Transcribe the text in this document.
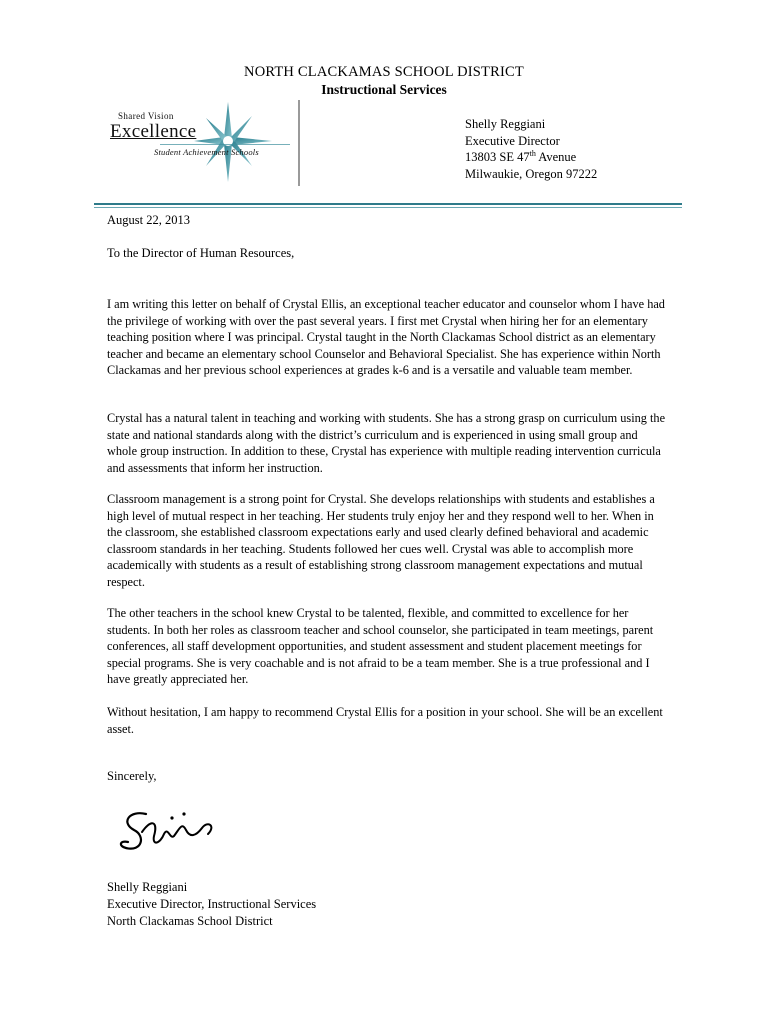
NORTH CLACKAMAS SCHOOL DISTRICT
Instructional Services
Shared Vision
Excellence
Student Achievement Schools
Shelly Reggiani
Executive Director
13803 SE 47th Avenue
Milwaukie, Oregon 97222
August 22, 2013
To the Director of Human Resources,
I am writing this letter on behalf of Crystal Ellis, an exceptional teacher educator and counselor whom I have had the privilege of working with over the past several years. I first met Crystal when hiring her for an elementary teaching position where I was principal. Crystal taught in the North Clackamas School district as an elementary teacher and became an elementary school Counselor and Behavioral Specialist. She has experience within North Clackamas and her previous school experiences at grades k-6 and is a versatile and valuable team member.
Crystal has a natural talent in teaching and working with students. She has a strong grasp on curriculum using the state and national standards along with the district’s curriculum and is experienced in using small group and whole group instruction. In addition to these, Crystal has experience with multiple reading intervention curricula and assessments that inform her instruction.
Classroom management is a strong point for Crystal. She develops relationships with students and establishes a high level of mutual respect in her teaching. Her students truly enjoy her and they respond well to her. When in the classroom, she established classroom expectations early and used clearly defined behavioral and academic classroom standards in her teaching. Students followed her cues well. Crystal was able to accomplish more academically with students as a result of establishing strong classroom management expectations and mutual respect.
The other teachers in the school knew Crystal to be talented, flexible, and committed to excellence for her students. In both her roles as classroom teacher and school counselor, she participated in team meetings, parent conferences, all staff development opportunities, and student assessment and student placement meetings for special programs. She is very coachable and is not afraid to be a team member. She is a true professional and I have greatly appreciated her.
Without hesitation, I am happy to recommend Crystal Ellis for a position in your school. She will be an excellent asset.
Sincerely,
Shelly Reggiani
Executive Director, Instructional Services
North Clackamas School District
